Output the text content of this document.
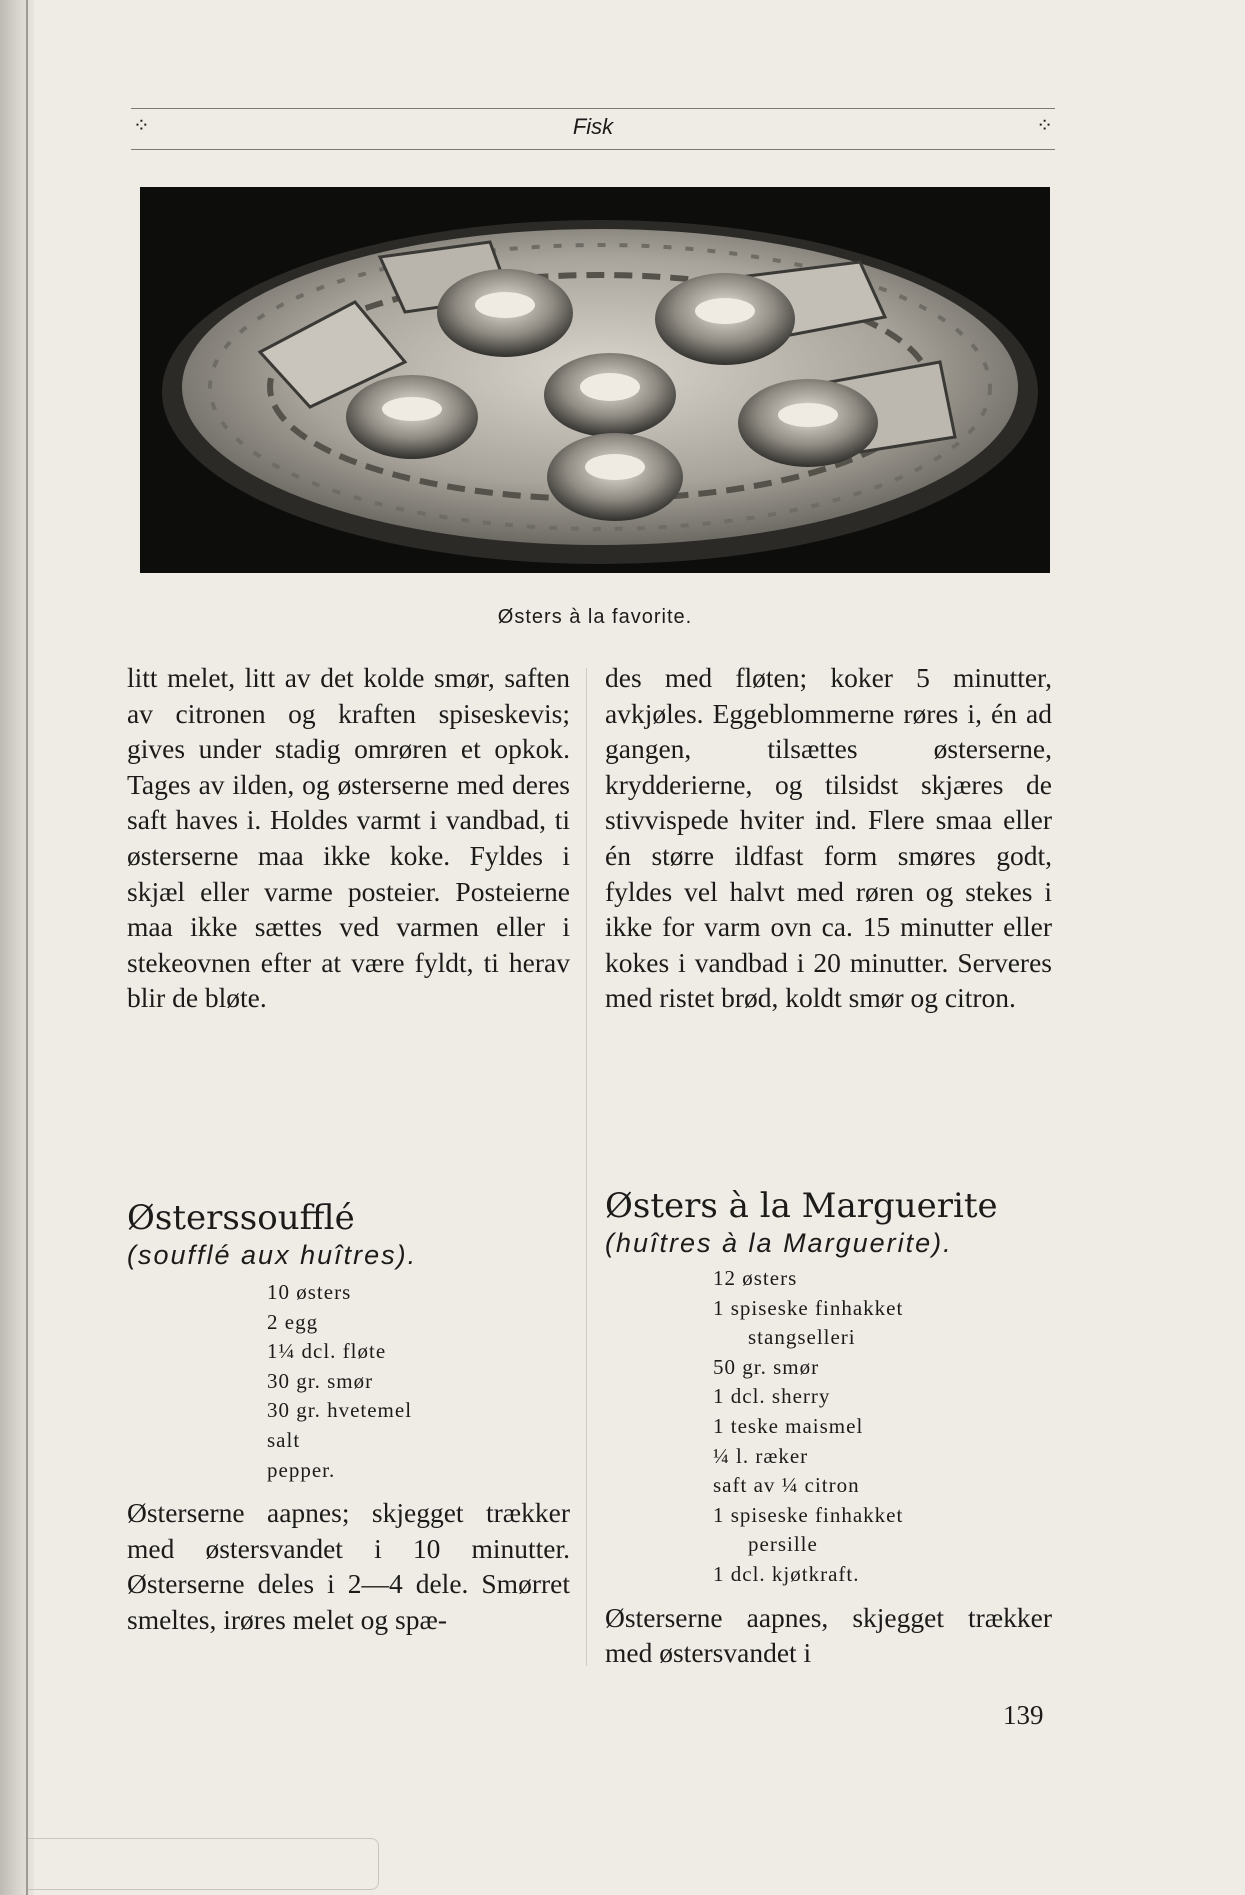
⁘	Fisk	⁘
Østers à la favorite.

litt melet, litt av det kolde smør, saften av citronen og kraften spiseskevis; gives under stadig omrøren et opkok. Tages av ilden, og østerserne med deres saft haves i. Holdes varmt i vandbad, ti østerserne maa ikke koke. Fyldes i skjæl eller varme posteier. Posteierne maa ikke sættes ved varmen eller i stekeovnen efter at være fyldt, ti herav blir de bløte.

Østerssoufflé

(soufflé aux huîtres).

10 østers
2 egg
1¼ dcl. fløte
30 gr. smør
30 gr. hvetemel
salt
pepper.

Østerserne aapnes; skjegget trækker med østersvandet i 10 minutter. Østerserne deles i 2—4 dele. Smørret smeltes, irøres melet og spæ-

des med fløten; koker 5 minutter, avkjøles. Eggeblommerne røres i, én ad gangen, tilsættes østerserne, krydderierne, og tilsidst skjæres de stivvispede hviter ind. Flere smaa eller én større ildfast form smøres godt, fyldes vel halvt med røren og stekes i ikke for varm ovn ca. 15 minutter eller kokes i vandbad i 20 minutter. Serveres med ristet brød, koldt smør og citron.

Østers à la Marguerite

(huîtres à la Marguerite).

12 østers
1 spiseske finhakket
stangselleri
50 gr. smør
1 dcl. sherry
1 teske maismel
¼ l. ræker
saft av ¼ citron
1 spiseske finhakket
persille
1 dcl. kjøtkraft.

Østerserne aapnes, skjegget trækker med østersvandet i

139
